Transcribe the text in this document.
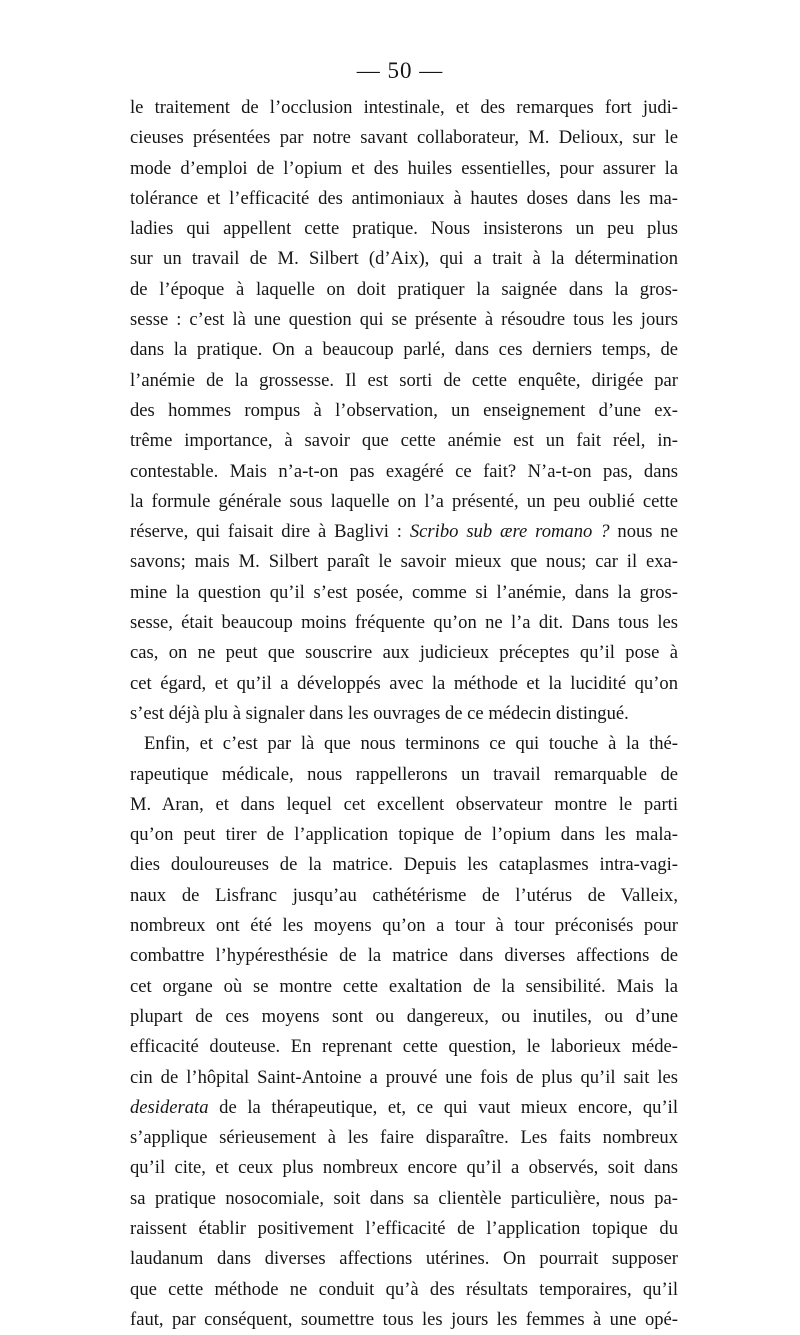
— 50 —
le traitement de l’occlusion intestinale, et des remarques fort judi-
cieuses présentées par notre savant collaborateur, M. Delioux, sur le
mode d’emploi de l’opium et des huiles essentielles, pour assurer la
tolérance et l’efficacité des antimoniaux à hautes doses dans les ma-
ladies qui appellent cette pratique. Nous insisterons un peu plus
sur un travail de M. Silbert (d’Aix), qui a trait à la détermination
de l’époque à laquelle on doit pratiquer la saignée dans la gros-
sesse : c’est là une question qui se présente à résoudre tous les jours
dans la pratique. On a beaucoup parlé, dans ces derniers temps, de
l’anémie de la grossesse. Il est sorti de cette enquête, dirigée par
des hommes rompus à l’observation, un enseignement d’une ex-
trême importance, à savoir que cette anémie est un fait réel, in-
contestable. Mais n’a-t-on pas exagéré ce fait? N’a-t-on pas, dans
la formule générale sous laquelle on l’a présenté, un peu oublié cette
réserve, qui faisait dire à Baglivi : Scribo sub ære romano ? nous ne
savons; mais M. Silbert paraît le savoir mieux que nous; car il exa-
mine la question qu’il s’est posée, comme si l’anémie, dans la gros-
sesse, était beaucoup moins fréquente qu’on ne l’a dit. Dans tous les
cas, on ne peut que souscrire aux judicieux préceptes qu’il pose à
cet égard, et qu’il a développés avec la méthode et la lucidité qu’on
s’est déjà plu à signaler dans les ouvrages de ce médecin distingué.
Enfin, et c’est par là que nous terminons ce qui touche à la thé-
rapeutique médicale, nous rappellerons un travail remarquable de
M. Aran, et dans lequel cet excellent observateur montre le parti
qu’on peut tirer de l’application topique de l’opium dans les mala-
dies douloureuses de la matrice. Depuis les cataplasmes intra-vagi-
naux de Lisfranc jusqu’au cathétérisme de l’utérus de Valleix,
nombreux ont été les moyens qu’on a tour à tour préconisés pour
combattre l’hypéresthésie de la matrice dans diverses affections de
cet organe où se montre cette exaltation de la sensibilité. Mais la
plupart de ces moyens sont ou dangereux, ou inutiles, ou d’une
efficacité douteuse. En reprenant cette question, le laborieux méde-
cin de l’hôpital Saint-Antoine a prouvé une fois de plus qu’il sait les
desiderata de la thérapeutique, et, ce qui vaut mieux encore, qu’il
s’applique sérieusement à les faire disparaître. Les faits nombreux
qu’il cite, et ceux plus nombreux encore qu’il a observés, soit dans
sa pratique nosocomiale, soit dans sa clientèle particulière, nous pa-
raissent établir positivement l’efficacité de l’application topique du
laudanum dans diverses affections utérines. On pourrait supposer
que cette méthode ne conduit qu’à des résultats temporaires, qu’il
faut, par conséquent, soumettre tous les jours les femmes à une opé-
